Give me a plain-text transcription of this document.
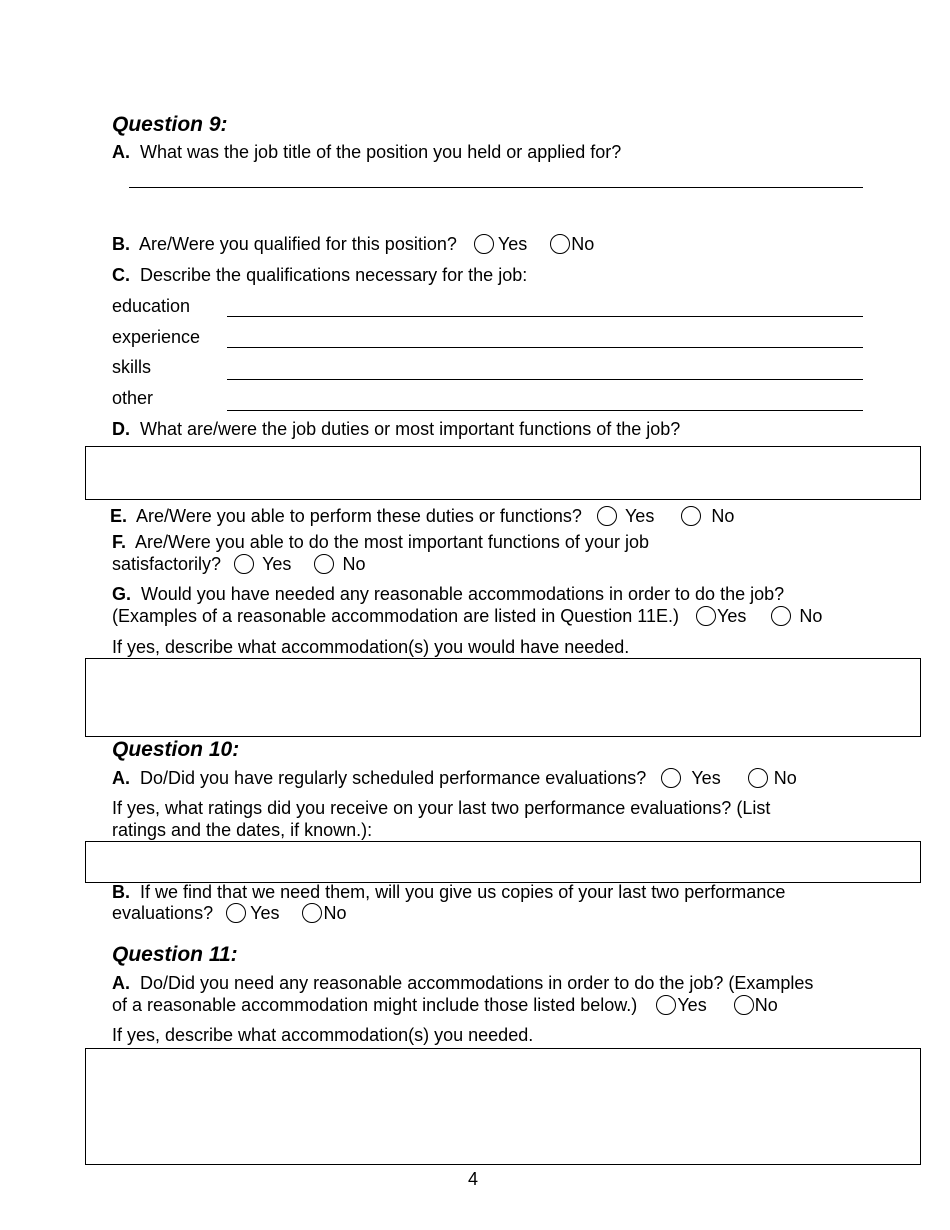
Question 9:
A. What was the job title of the position you held or applied for?
B. Are/Were you qualified for this position? Yes No
C. Describe the qualifications necessary for the job:
education
experience
skills
other
D. What are/were the job duties or most important functions of the job?
E. Are/Were you able to perform these duties or functions? Yes	No
F. Are/Were you able to do the most important functions of your job
satisfactorily? Yes	No
G. Would you have needed any reasonable accommodations in order to do the job?
(Examples of a reasonable accommodation are listed in Question 11E.) Yes	No
If yes, describe what accommodation(s) you would have needed.
Question 10:
A. Do/Did you have regularly scheduled performance evaluations?	Yes	No
If yes, what ratings did you receive on your last two performance evaluations? (List
ratings and the dates, if known.):
B. If we find that we need them, will you give us copies of your last two performance
evaluations? Yes No
Question 11:
A. Do/Did you need any reasonable accommodations in order to do the job? (Examples
of a reasonable accommodation might include those listed below.) Yes	No
If yes, describe what accommodation(s) you needed.
4
